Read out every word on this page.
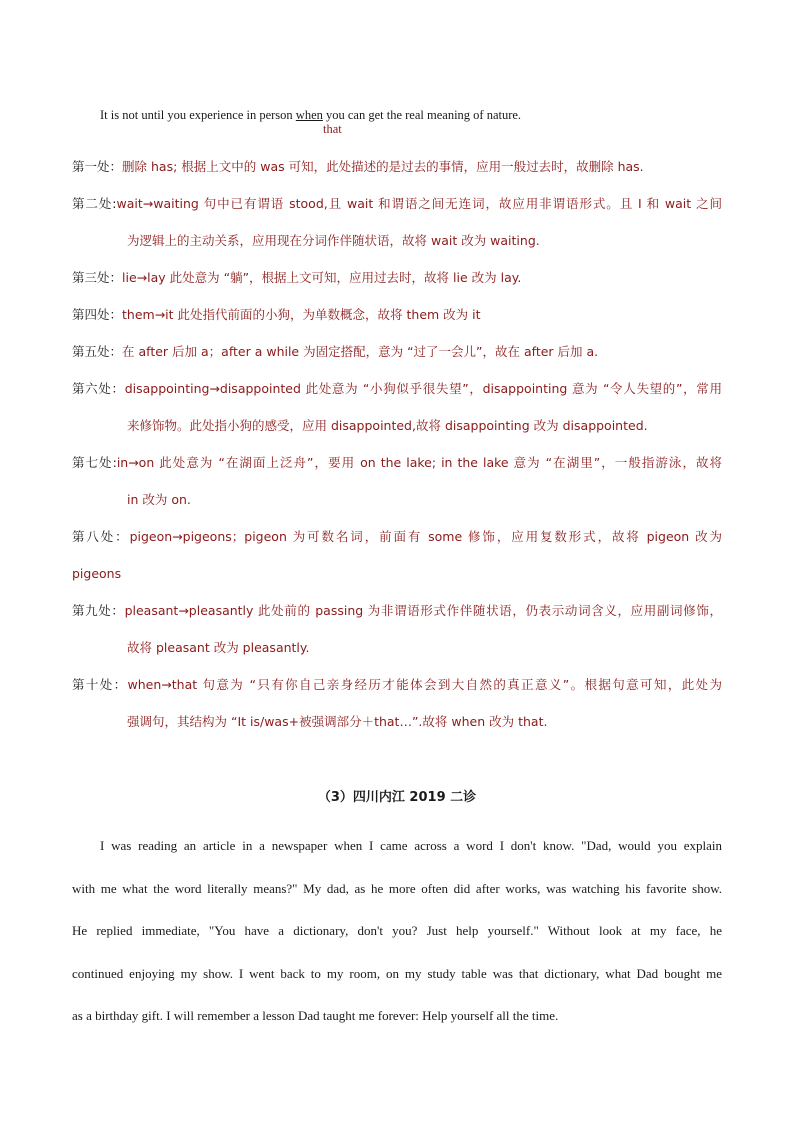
It is not until you experience in person when you can get the real meaning of nature.
that
第一处：删除 has; 根据上文中的 was 可知，此处描述的是过去的事情，应用一般过去时，故删除 has.
第二处:wait→waiting 句中已有谓语 stood,且 wait 和谓语之间无连词，故应用非谓语形式。且 I 和 wait 之间
为逻辑上的主动关系，应用现在分词作伴随状语，故将 wait 改为 waiting.
第三处：lie→lay 此处意为 “躺”，根据上文可知，应用过去时，故将 lie 改为 lay.
第四处：them→it 此处指代前面的小狗，为单数概念，故将 them 改为 it
第五处：在 after 后加 a；after a while 为固定搭配，意为 “过了一会儿”，故在 after 后加 a.
第六处：disappointing→disappointed 此处意为 “小狗似乎很失望”，disappointing 意为 “令人失望的”，常用
来修饰物。此处指小狗的感受，应用 disappointed,故将 disappointing 改为 disappointed.
第七处:in→on 此处意为 “在湖面上泛舟”，要用 on the lake; in the lake 意为 “在湖里”，一般指游泳，故将
in 改为 on.
第八处：pigeon→pigeons；pigeon 为可数名词，前面有 some 修饰，应用复数形式，故将 pigeon 改为
pigeons
第九处：pleasant→pleasantly 此处前的 passing 为非谓语形式作伴随状语，仍表示动词含义，应用副词修饰，
故将 pleasant 改为 pleasantly.
第十处：when→that 句意为 “只有你自己亲身经历才能体会到大自然的真正意义”。根据句意可知，此处为
强调句，其结构为 “It is/was+被强调部分＋that…”.故将 when 改为 that.
（3）四川内江 2019 二诊
I was reading an article in a newspaper when I came across a word I don't know. "Dad, would you explain
with me what the word literally means?" My dad, as he more often did after works, was watching his favorite show.
He replied immediate, "You have a dictionary, don't you? Just help yourself." Without look at my face, he
continued enjoying my show. I went back to my room, on my study table was that dictionary, what Dad bought me
as a birthday gift. I will remember a lesson Dad taught me forever: Help yourself all the time.
